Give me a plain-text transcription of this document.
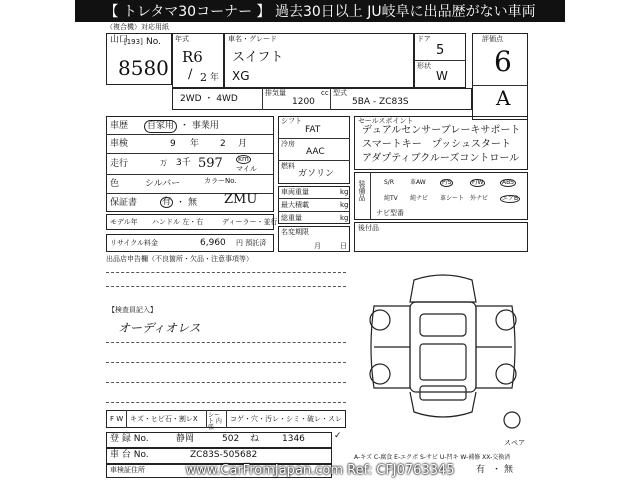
【 トレタマ30コーナー 】 過去30日以上 JU岐阜に出品歴がない車両
（複合機）対応用紙
山口
[193] No.
8580
年式
R6
/ 2 年
車名・グレード
スイフト
XG
ドア
5
形状
W
評価点
6
A
2WD ・ 4WD
排気量	cc
1200
型式
5BA - ZC83S
車歴	自家用 ・ 事業用
車検	9 年 2 月
走行	万 3千 597 km
マイル
色	シルバー	カラーNo.
保証書	有 ・ 無 ZMU
モデル年 ハンドル 左・右	ディーラー・並行
リサイクル料金	6,960 円 預託済
シフト
FAT
冷房
AAC
燃料
ガソリン
車両重量	kg
最大積載	kg
総重量	kg
名変期限
月	日
セールスポイント
デュアルセンサーブレーキサポート
スマートキー　プッシュスタート
アダプティブクルーズコントロール
装備品	S/R	革AW	P/S	F/W	ABS
純TV 純ナビ 革シート 外ナビ	エアB
ナビ型番
後付品
出品店申告欄（不良箇所・欠品・注意事項等）
【検査員記入】
オーディオレス
スペア
F W キズ・ヒビ石・割レX シート 内張
コゲ・穴・汚レ・シミ・破レ・スレ
登 録 No.	静岡	502 ね	1346	✓
車 台 No.	ZC83S-505682	A-キズ C-腐食 E-エクボ S-サビ U-凹キ W-補修 XX-交換済
車検証住所	有 ・ 無
www.CarFromJapan.com Ref: CFJ0763345
